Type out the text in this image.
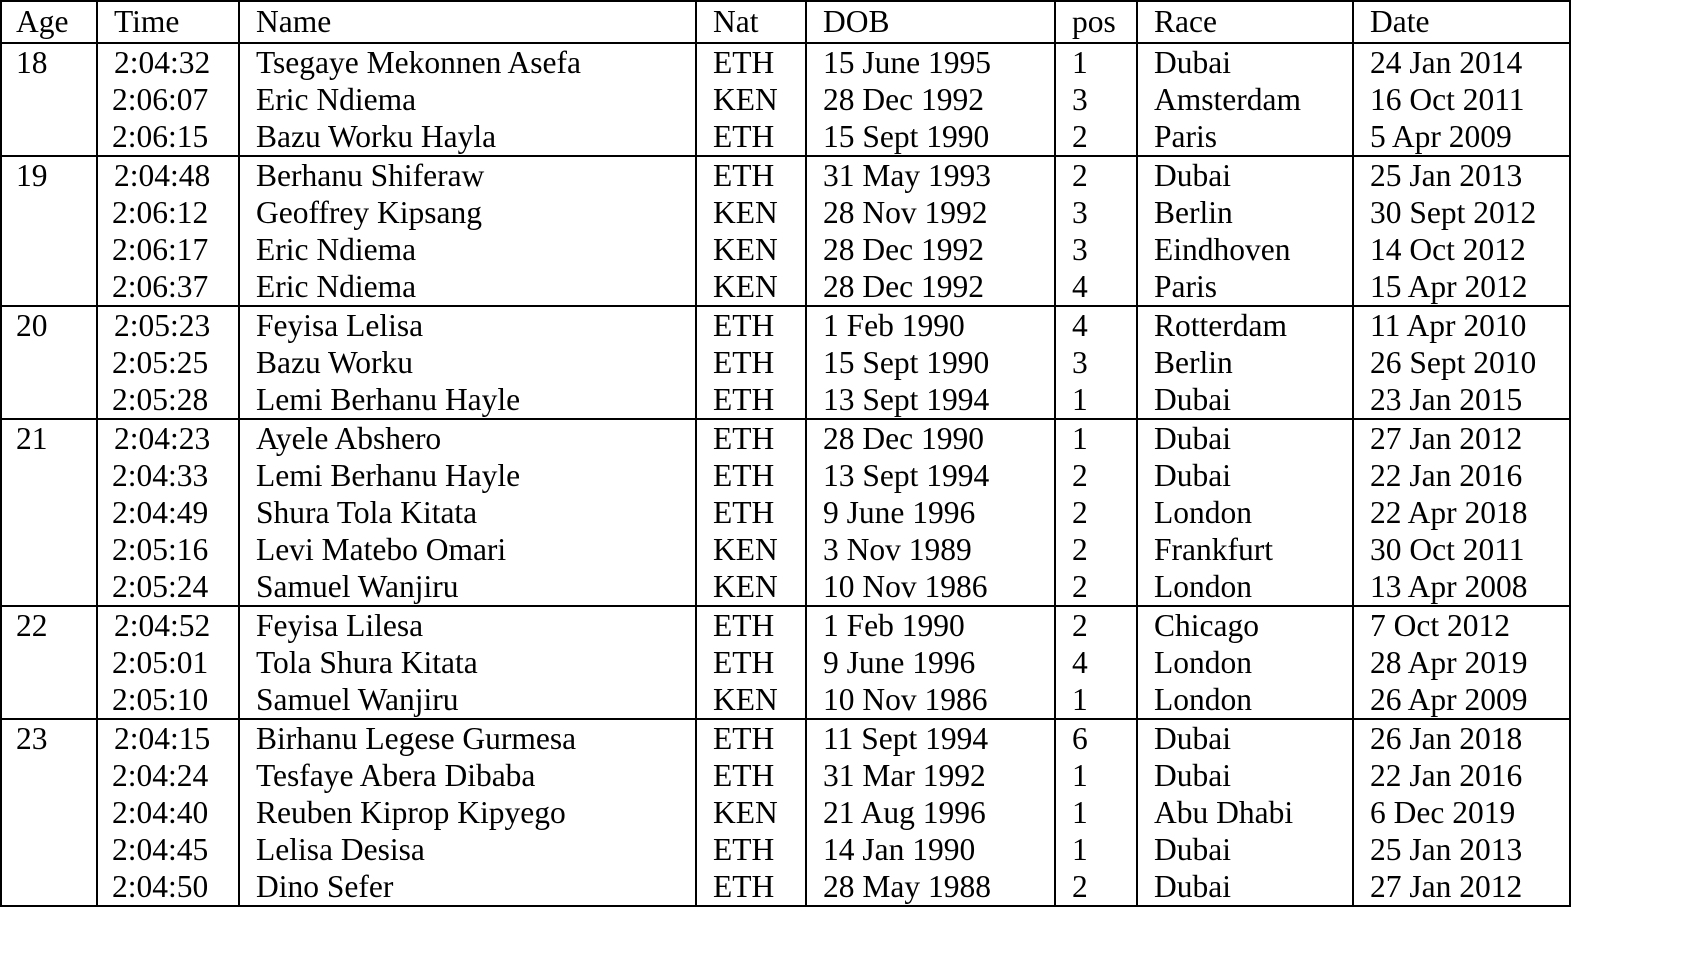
Age	Time	Name	Nat	DOB	pos	Race	Date
18	2:04:32	Tsegaye Mekonnen Asefa	ETH	15 June 1995	1	Dubai	24 Jan 2014
	2:06:07	Eric Ndiema	KEN	28 Dec 1992	3	Amsterdam	16 Oct 2011
	2:06:15	Bazu Worku Hayla	ETH	15 Sept 1990	2	Paris	5 Apr 2009
19	2:04:48	Berhanu Shiferaw	ETH	31 May 1993	2	Dubai	25 Jan 2013
	2:06:12	Geoffrey Kipsang	KEN	28 Nov 1992	3	Berlin	30 Sept 2012
	2:06:17	Eric Ndiema	KEN	28 Dec 1992	3	Eindhoven	14 Oct 2012
	2:06:37	Eric Ndiema	KEN	28 Dec 1992	4	Paris	15 Apr 2012
20	2:05:23	Feyisa Lelisa	ETH	1 Feb 1990	4	Rotterdam	11 Apr 2010
	2:05:25	Bazu Worku	ETH	15 Sept 1990	3	Berlin	26 Sept 2010
	2:05:28	Lemi Berhanu Hayle	ETH	13 Sept 1994	1	Dubai	23 Jan 2015
21	2:04:23	Ayele Abshero	ETH	28 Dec 1990	1	Dubai	27 Jan 2012
	2:04:33	Lemi Berhanu Hayle	ETH	13 Sept 1994	2	Dubai	22 Jan 2016
	2:04:49	Shura Tola Kitata	ETH	9 June 1996	2	London	22 Apr 2018
	2:05:16	Levi Matebo Omari	KEN	3 Nov 1989	2	Frankfurt	30 Oct 2011
	2:05:24	Samuel Wanjiru	KEN	10 Nov 1986	2	London	13 Apr 2008
22	2:04:52	Feyisa Lilesa	ETH	1 Feb 1990	2	Chicago	7 Oct 2012
	2:05:01	Tola Shura Kitata	ETH	9 June 1996	4	London	28 Apr 2019
	2:05:10	Samuel Wanjiru	KEN	10 Nov 1986	1	London	26 Apr 2009
23	2:04:15	Birhanu Legese Gurmesa	ETH	11 Sept 1994	6	Dubai	26 Jan 2018
	2:04:24	Tesfaye Abera Dibaba	ETH	31 Mar 1992	1	Dubai	22 Jan 2016
	2:04:40	Reuben Kiprop Kipyego	KEN	21 Aug 1996	1	Abu Dhabi	6 Dec 2019
	2:04:45	Lelisa Desisa	ETH	14 Jan 1990	1	Dubai	25 Jan 2013
	2:04:50	Dino Sefer	ETH	28 May 1988	2	Dubai	27 Jan 2012
